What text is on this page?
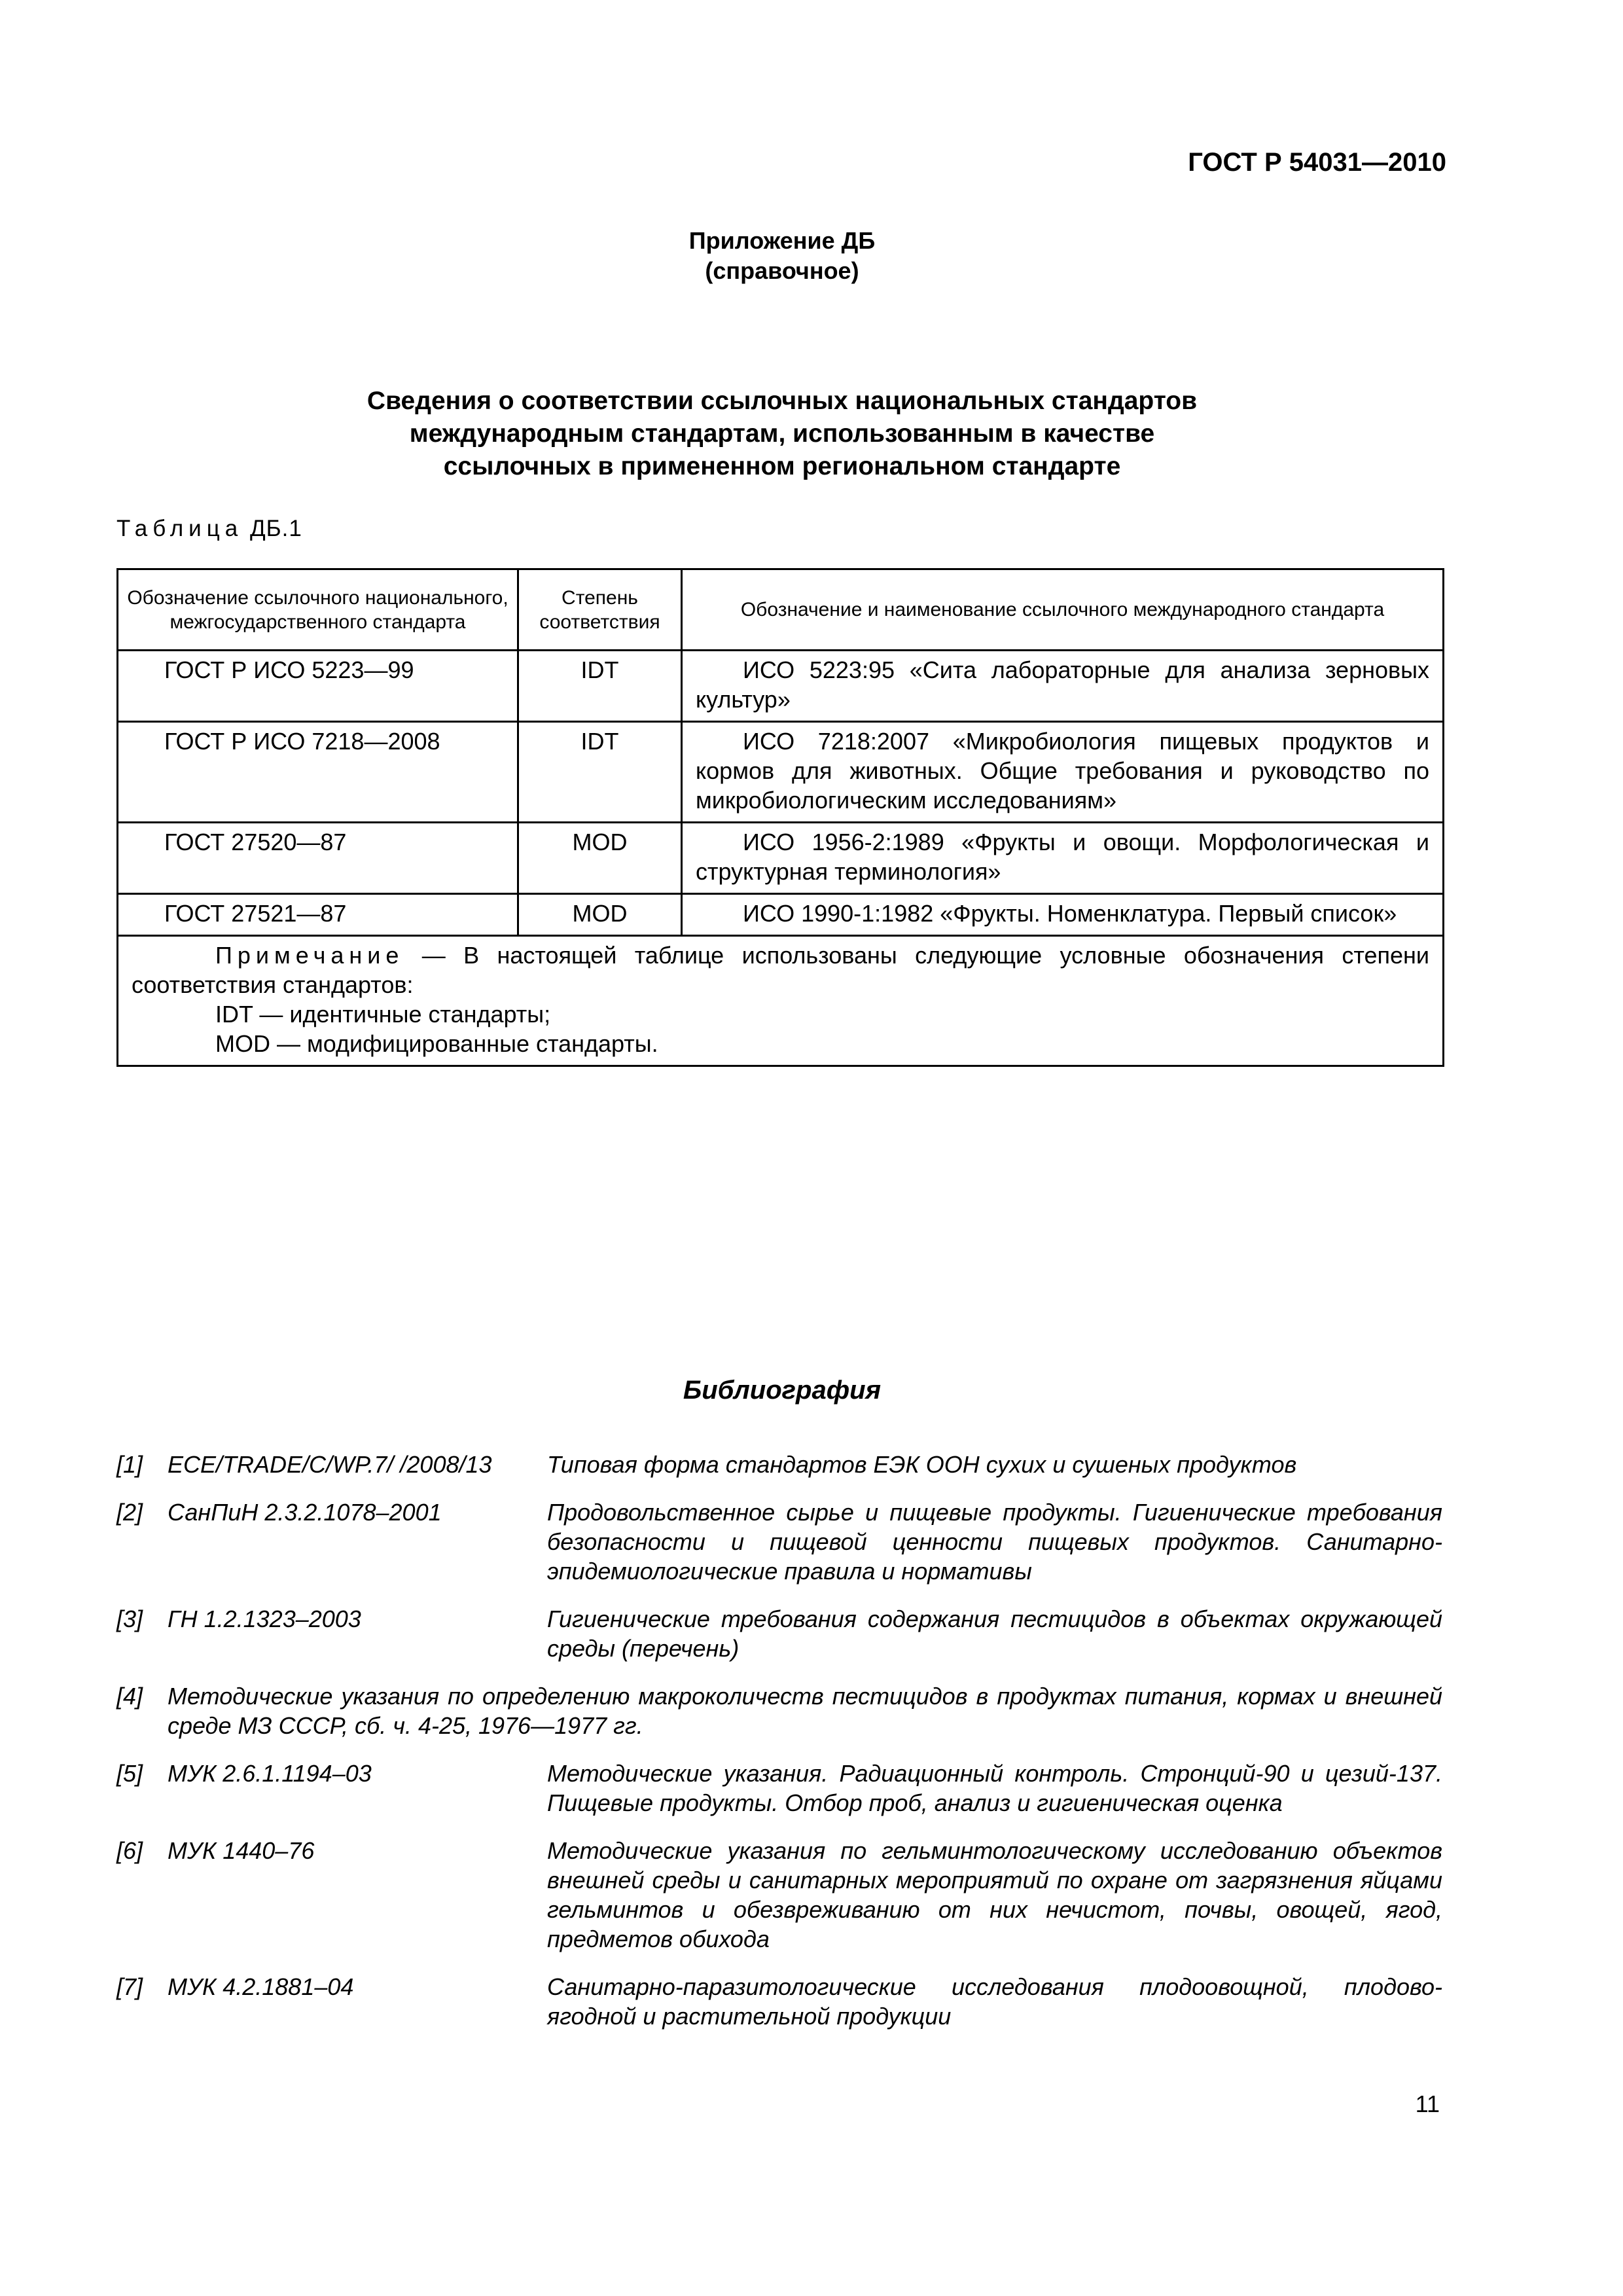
ГОСТ Р 54031—2010
Приложение ДБ
(справочное)
Сведения о соответствии ссылочных национальных стандартов
международным стандартам, использованным в качестве
ссылочных в примененном региональном стандарте
Таблица ДБ.1
Обозначение ссылочного национального, межгосударственного стандарта	Степень соответствия	Обозначение и наименование ссылочного международного стандарта
ГОСТ Р ИСО 5223—99	IDT	ИСО 5223:95 «Сита лабораторные для анализа зерновых культур»
ГОСТ Р ИСО 7218—2008	IDT	ИСО 7218:2007 «Микробиология пищевых продуктов и кормов для животных. Общие требования и руководство по микробиологическим исследованиям»
ГОСТ 27520—87	MOD	ИСО 1956-2:1989 «Фрукты и овощи. Морфологическая и структурная терминология»
ГОСТ 27521—87	MOD	ИСО 1990-1:1982 «Фрукты. Номенклатура. Первый список»

Примечание — В настоящей таблице использованы следующие условные обозначения степени соответствия стандартов:
IDT — идентичные стандарты;
MOD — модифицированные стандарты.		
Библиография
[1]	ECE/TRADE/C/WP.7/ /2008/13	Типовая форма стандартов ЕЭК ООН сухих и сушеных продуктов
[2]	СанПиН 2.3.2.1078–2001	Продовольственное сырье и пищевые продукты. Гигиенические требования безопасности и пищевой ценности пищевых продуктов. Санитарно-эпидемиологические правила и нормативы
[3]	ГН 1.2.1323–2003	Гигиенические требования содержания пестицидов в объектах окружающей среды (перечень)
[4]	Методические указания по определению макроколичеств пестицидов в продуктах питания, кормах и внешней среде МЗ СССР, сб. ч. 4-25, 1976—1977 гг.
[5]	МУК 2.6.1.1194–03	Методические указания. Радиационный контроль. Стронций-90 и цезий-137. Пищевые продукты. Отбор проб, анализ и гигиеническая оценка
[6]	МУК 1440–76	Методические указания по гельминтологическому исследованию объектов внешней среды и санитарных мероприятий по охране от загрязнения яйцами гельминтов и обезвреживанию от них нечистот, почвы, овощей, ягод, предметов обихода
[7]	МУК 4.2.1881–04	Санитарно-паразитологические исследования плодоовощной, плодово-ягодной и растительной продукции
11
